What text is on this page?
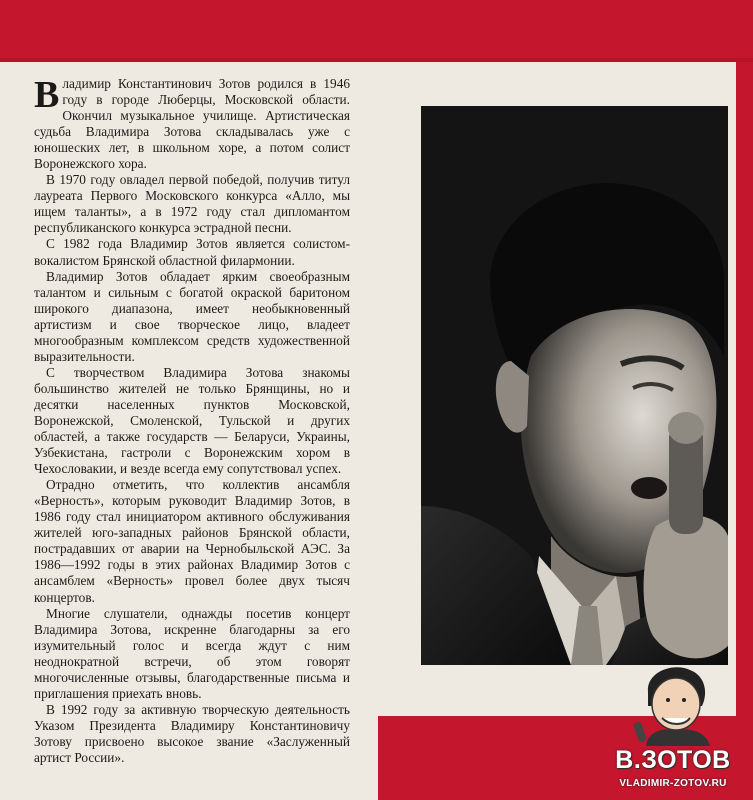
Владимир Константинович Зотов родился в 1946 году в городе Люберцы, Московской области. Окончил музыкальное училище. Артистическая судьба Владимира Зотова складывалась уже с юношеских лет, в школьном хоре, а потом солист Воронежского хора.

В 1970 году овладел первой победой, получив титул лауреата Первого Московского конкурса «Алло, мы ищем таланты», а в 1972 году стал дипломантом республиканского конкурса эстрадной песни.

С 1982 года Владимир Зотов является солистом-вокалистом Брянской областной филармонии.

Владимир Зотов обладает ярким своеобразным талантом и сильным с богатой окраской баритоном широкого диапазона, имеет необыкновенный артистизм и свое творческое лицо, владеет многообразным комплексом средств художественной выразительности.

С творчеством Владимира Зотова знакомы большинство жителей не только Брянщины, но и десятки населенных пунктов Московской, Воронежской, Смоленской, Тульской и других областей, а также государств — Беларуси, Украины, Узбекистана, гастроли с Воронежским хором в Чехословакии, и везде всегда ему сопутствовал успех.

Отрадно отметить, что коллектив ансамбля «Верность», которым руководит Владимир Зотов, в 1986 году стал инициатором активного обслуживания жителей юго-западных районов Брянской области, пострадавших от аварии на Чернобыльской АЭС. За 1986—1992 годы в этих районах Владимир Зотов с ансамблем «Верность» провел более двух тысяч концертов.

Многие слушатели, однажды посетив концерт Владимира Зотова, искренне благодарны за его изумительный голос и всегда ждут с ним неоднократной встречи, об этом говорят многочисленные отзывы, благодарственные письма и приглашения приехать вновь.

В 1992 году за активную творческую деятельность Указом Президента Владимиру Константиновичу Зотову присвоено высокое звание «Заслуженный артист России».	В.ЗОТОВ
VLADIMIR-ZOTOV.RU
